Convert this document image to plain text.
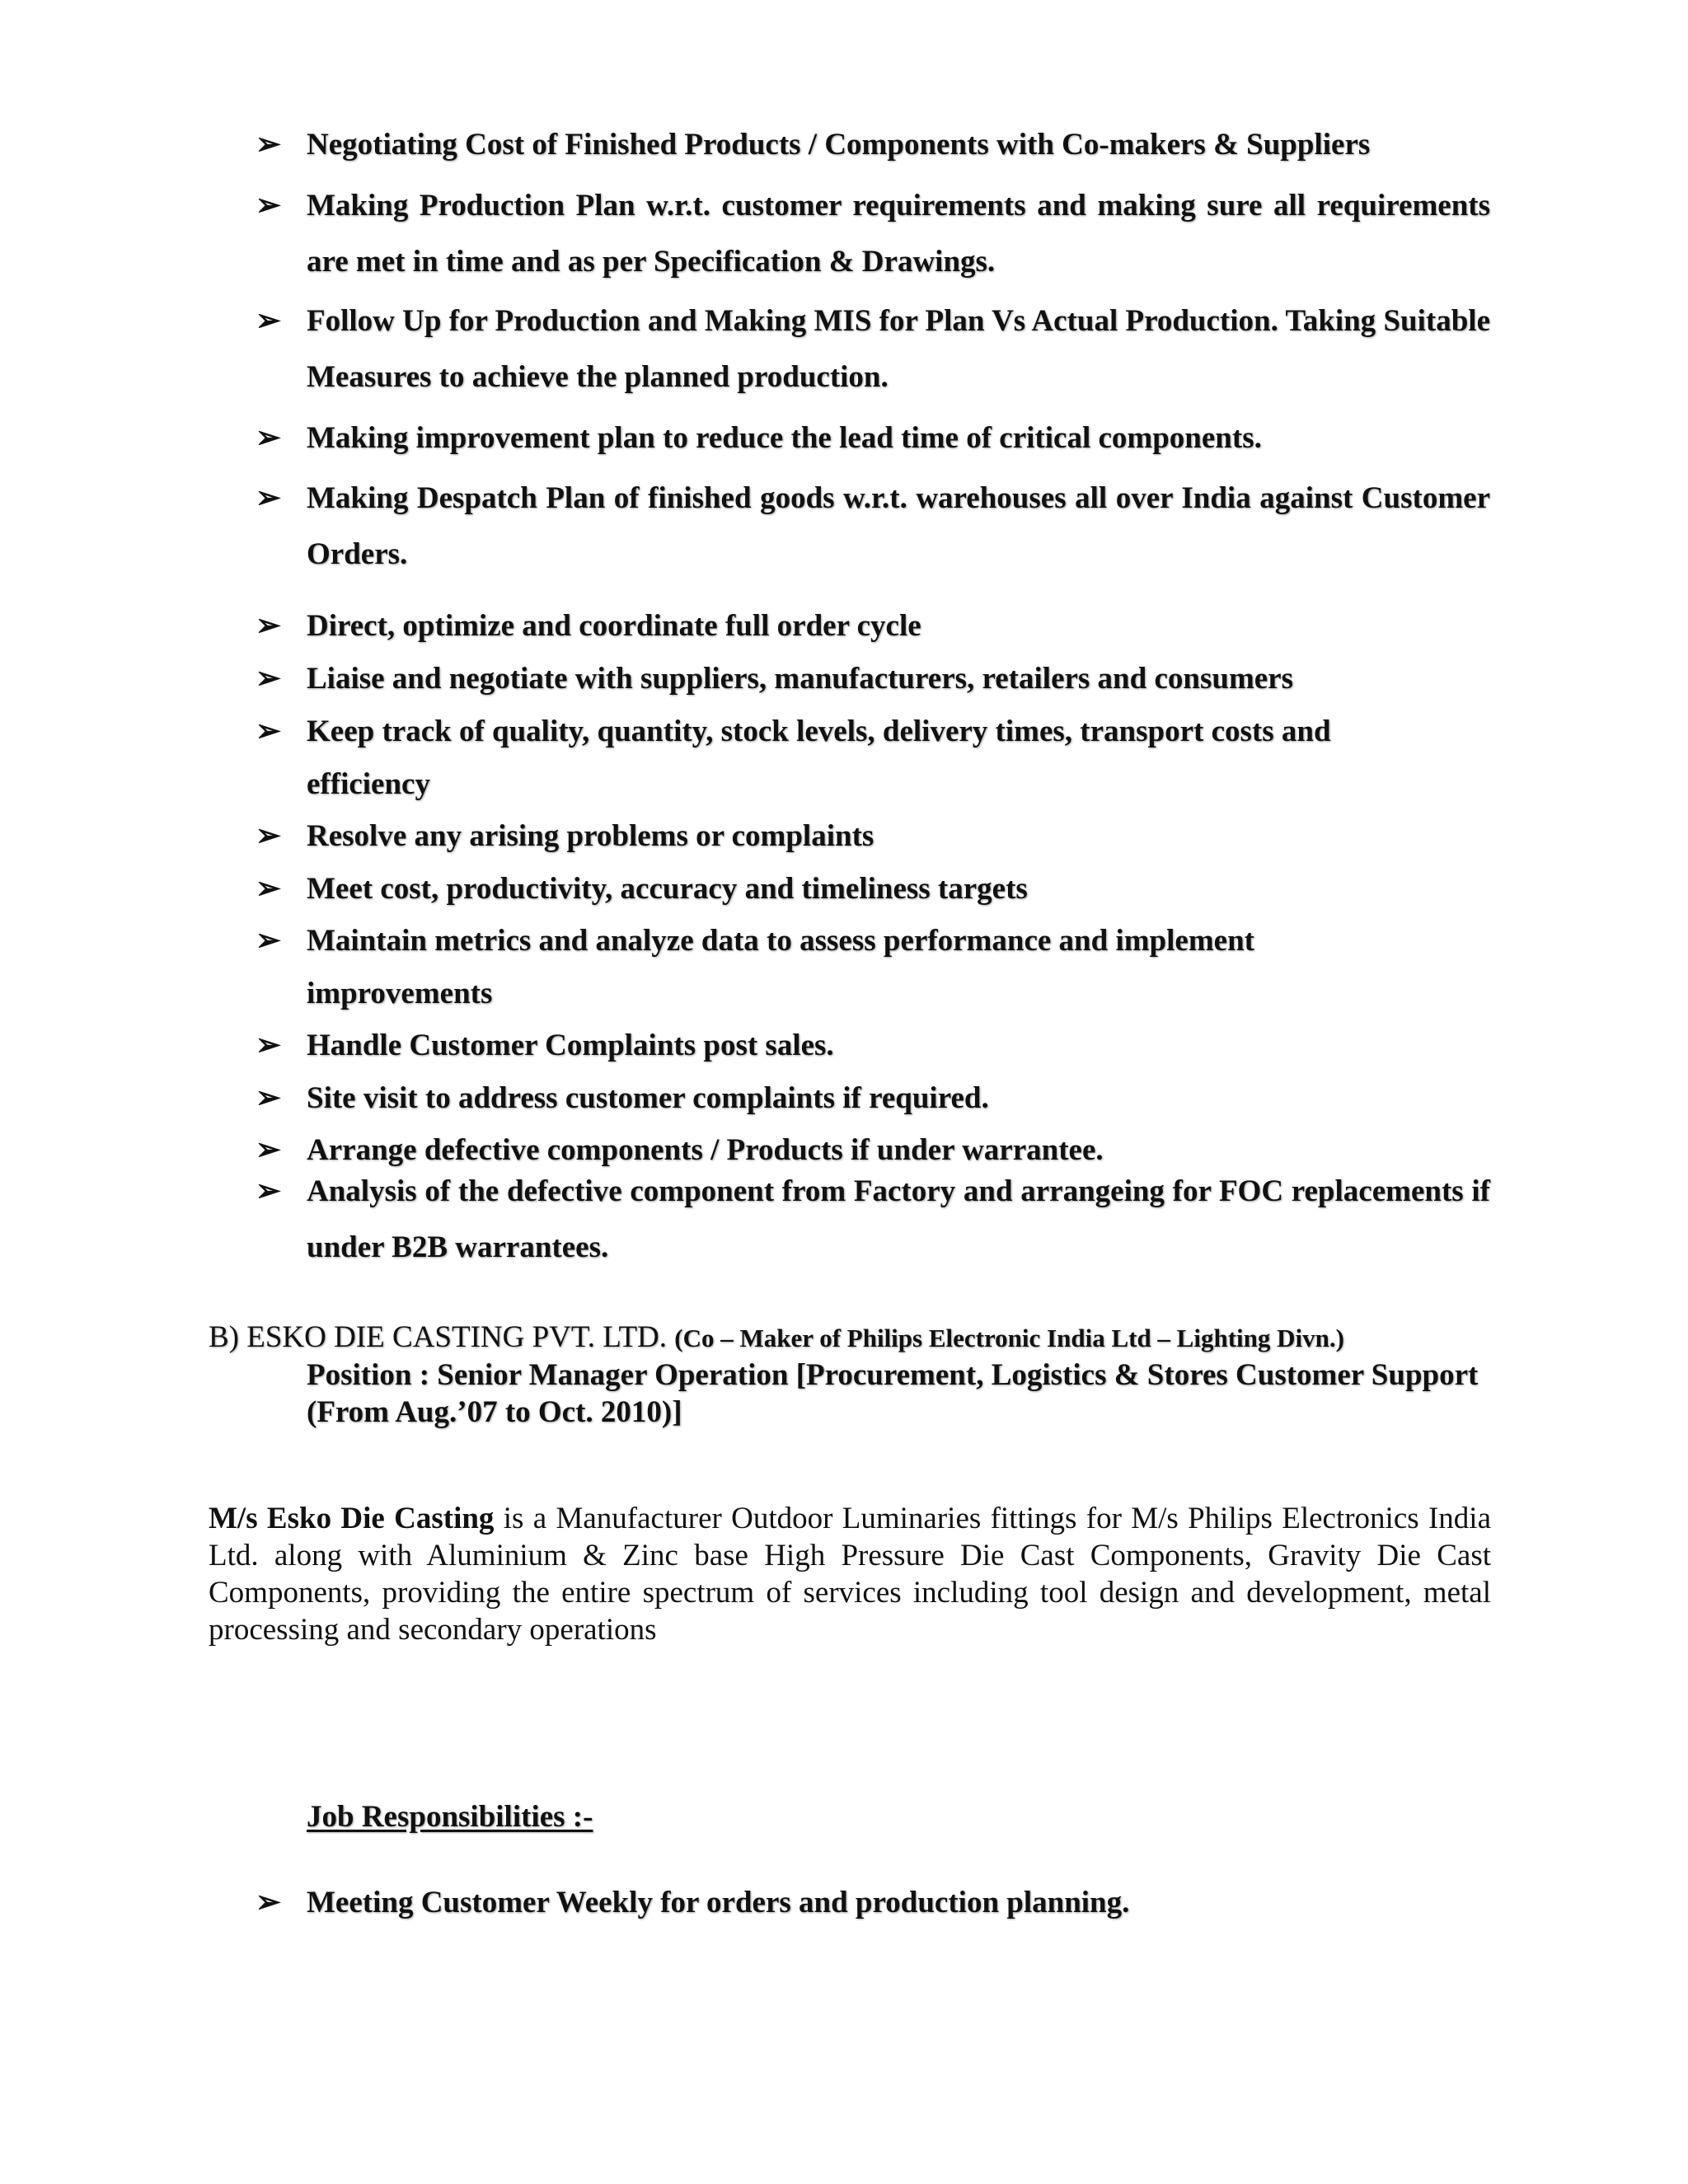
➢ Negotiating Cost of Finished Products / Components with Co-makers & Suppliers
➢ Making Production Plan w.r.t. customer requirements and making sure all requirements are met in time and as per Specification & Drawings.
➢ Follow Up for Production and Making MIS for Plan Vs Actual Production. Taking Suitable Measures to achieve the planned production.
➢ Making improvement plan to reduce the lead time of critical components.
➢ Making Despatch Plan of finished goods w.r.t. warehouses all over India against Customer Orders.
➢ Direct, optimize and coordinate full order cycle
➢ Liaise and negotiate with suppliers, manufacturers, retailers and consumers
➢ Keep track of quality, quantity, stock levels, delivery times, transport costs and efficiency
➢ Resolve any arising problems or complaints
➢ Meet cost, productivity, accuracy and timeliness targets
➢ Maintain metrics and analyze data to assess performance and implement improvements
➢ Handle Customer Complaints post sales.
➢ Site visit to address customer complaints if required.
➢ Arrange defective components / Products if under warrantee.
➢ Analysis of the defective component from Factory and arrangeing for FOC replacements if under B2B warrantees.
B) ESKO DIE CASTING PVT. LTD. (Co – Maker of Philips Electronic India Ltd – Lighting Divn.)
Position : Senior Manager Operation [Procurement, Logistics & Stores Customer Support (From Aug.’07 to Oct. 2010)]
M/s Esko Die Casting is a Manufacturer Outdoor Luminaries fittings for M/s Philips Electronics India Ltd. along with Aluminium & Zinc base High Pressure Die Cast Components, Gravity Die Cast Components, providing the entire spectrum of services including tool design and development, metal processing and secondary operations
Job Responsibilities :-
➢ Meeting Customer Weekly for orders and production planning.
